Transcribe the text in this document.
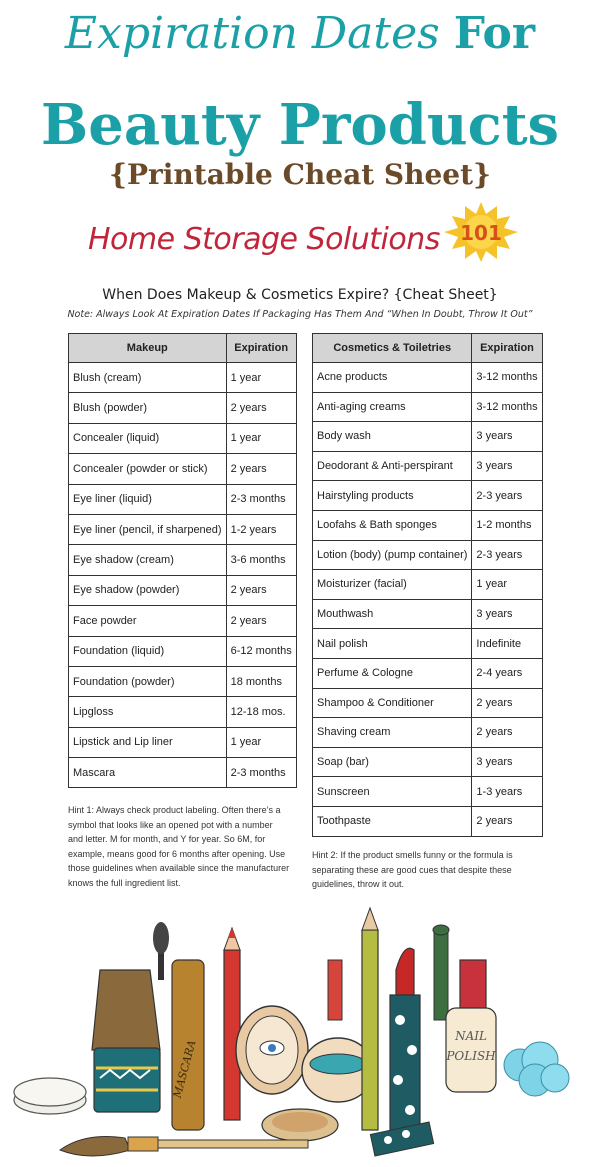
Expiration Dates For
Beauty Products
{Printable Cheat Sheet}
Home Storage Solutions 101
When Does Makeup & Cosmetics Expire? {Cheat Sheet}
Note: Always Look At Expiration Dates If Packaging Has Them And “When In Doubt, Throw It Out”
Makeup	Expiration
Blush (cream)	1 year
Blush (powder)	2 years
Concealer (liquid)	1 year
Concealer (powder or stick)	2 years
Eye liner (liquid)	2-3 months
Eye liner (pencil, if sharpened)	1-2 years
Eye shadow (cream)	3-6 months
Eye shadow (powder)	2 years
Face powder	2 years
Foundation (liquid)	6-12 months
Foundation (powder)	18 months
Lipgloss	12-18 mos.
Lipstick and Lip liner	1 year
Mascara	2-3 months
Cosmetics & Toiletries	Expiration
Acne products	3-12 months
Anti-aging creams	3-12 months
Body wash	3 years
Deodorant & Anti-perspirant	3 years
Hairstyling products	2-3 years
Loofahs & Bath sponges	1-2 months
Lotion (body) (pump container)	2-3 years
Moisturizer (facial)	1 year
Mouthwash	3 years
Nail polish	Indefinite
Perfume & Cologne	2-4 years
Shampoo & Conditioner	2 years
Shaving cream	2 years
Soap (bar)	3 years
Sunscreen	1-3 years
Toothpaste	2 years
Hint 1: Always check product labeling. Often there’s a symbol that looks like an opened pot with a number and letter. M for month, and Y for year. So 6M, for example, means good for 6 months after opening. Use those guidelines when available since the manufacturer knows the full ingredient list.
Hint 2: If the product smells funny or the formula is separating these are good cues that despite these guidelines, throw it out.
MASCARA
NAIL
POLISH
